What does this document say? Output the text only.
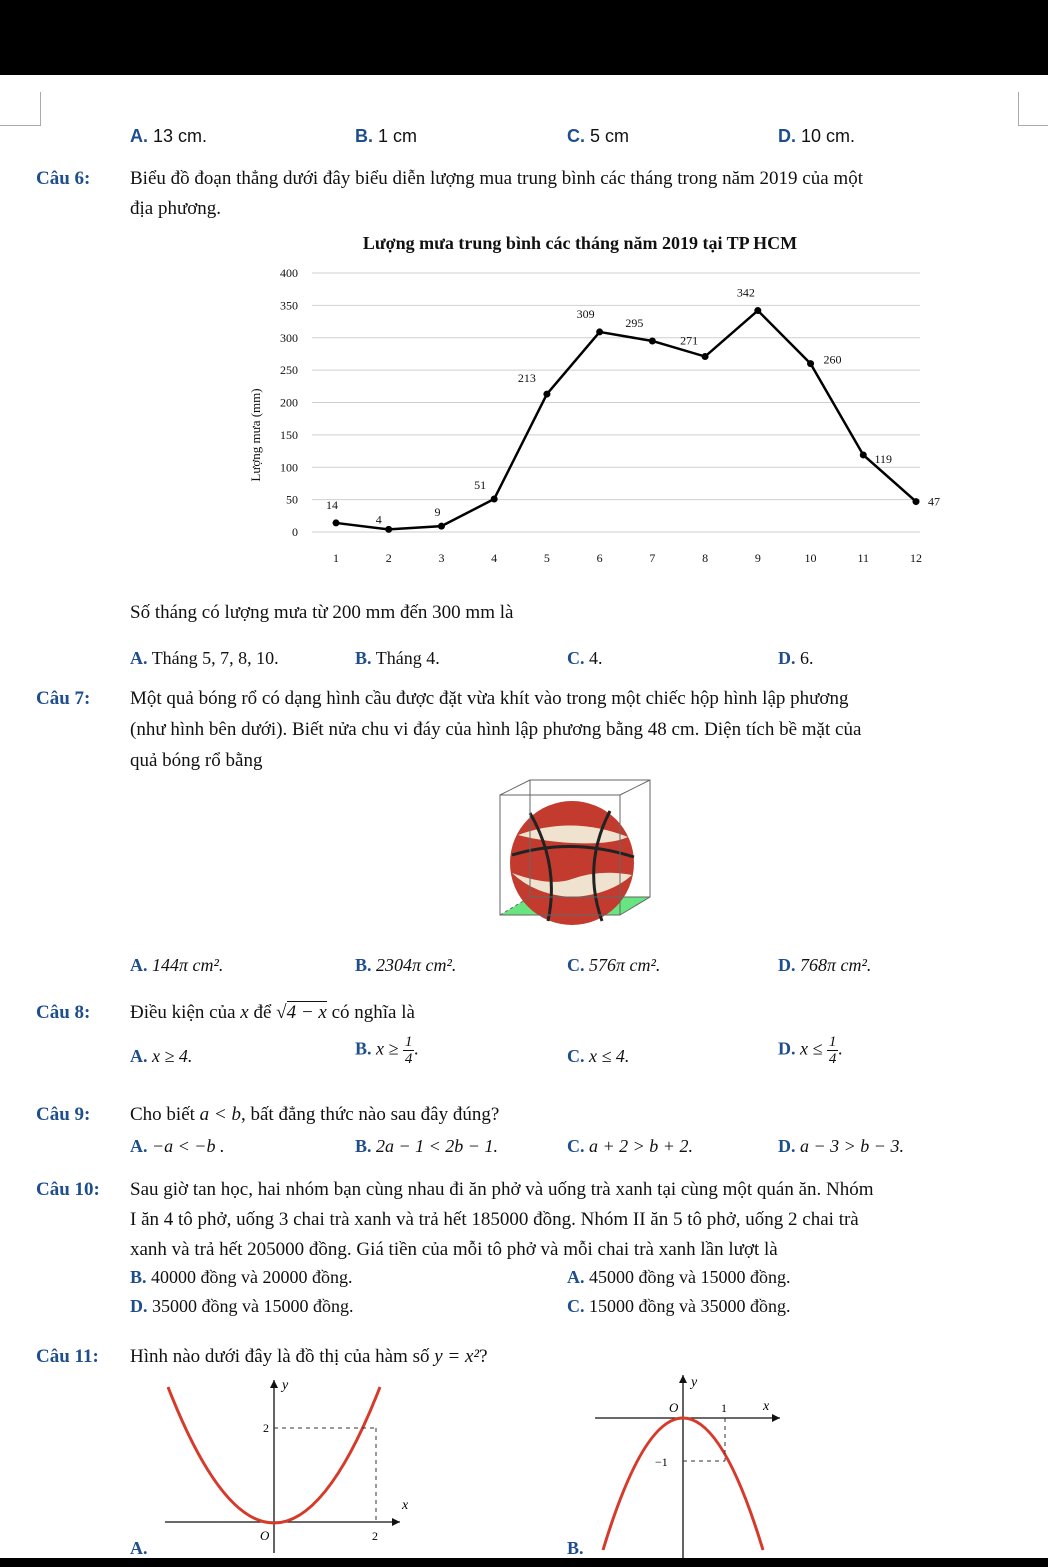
A. 13 cm.	B. 1 cm	C. 5 cm	D. 10 cm.
Câu 6: Biểu đồ đoạn thẳng dưới đây biểu diễn lượng mua trung bình các tháng trong năm 2019 của một
địa phương.
Lượng mưa trung bình các tháng năm 2019 tại TP HCM
Lượng mưa (mm)
0
50
100
150
200
250
300
350
400
1	2	3	4	5	6	7	8	9	10	11	12
14
4
9
51
213
309
295
271
342
260
119
47
Số tháng có lượng mưa từ 200 mm đến 300 mm là
A. Tháng 5, 7, 8, 10.	B. Tháng 4.	C. 4.	D. 6.
Câu 7: Một quả bóng rổ có dạng hình cầu được đặt vừa khít vào trong một chiếc hộp hình lập phương
(như hình bên dưới). Biết nửa chu vi đáy của hình lập phương bằng 48 cm. Diện tích bề mặt của
quả bóng rổ bằng
A. 144π cm².	B. 2304π cm².	C. 576π cm².	D. 768π cm².
Câu 8: Điều kiện của x để √4 − x có nghĩa là
A. x ≥ 4.	B. $x \ge \frac{1}{4}$ .	C. x ≤ 4.	D. $x \le \frac{1}{4}$ .
Câu 9: Cho biết a < b, bất đẳng thức nào sau đây đúng?
A. −a < −b .	B. 2a − 1 < 2b − 1.	C. a + 2 > b + 2.	D. a − 3 > b − 3.
Câu 10: Sau giờ tan học, hai nhóm bạn cùng nhau đi ăn phở và uống trà xanh tại cùng một quán ăn. Nhóm
I ăn 4 tô phở, uống 3 chai trà xanh và trả hết 185000 đồng. Nhóm II ăn 5 tô phở, uống 2 chai trà
xanh và trả hết 205000 đồng. Giá tiền của mỗi tô phở và mỗi chai trà xanh lần lượt là
B. 40000 đồng và 20000 đồng.	A. 45000 đồng và 15000 đồng.
D. 35000 đồng và 15000 đồng.	C. 15000 đồng và 35000 đồng.
Câu 11: Hình nào dưới đây là đồ thị của hàm số y = x²?
y
x
O
2
2
A.
y
x
O	1
−1
B.
